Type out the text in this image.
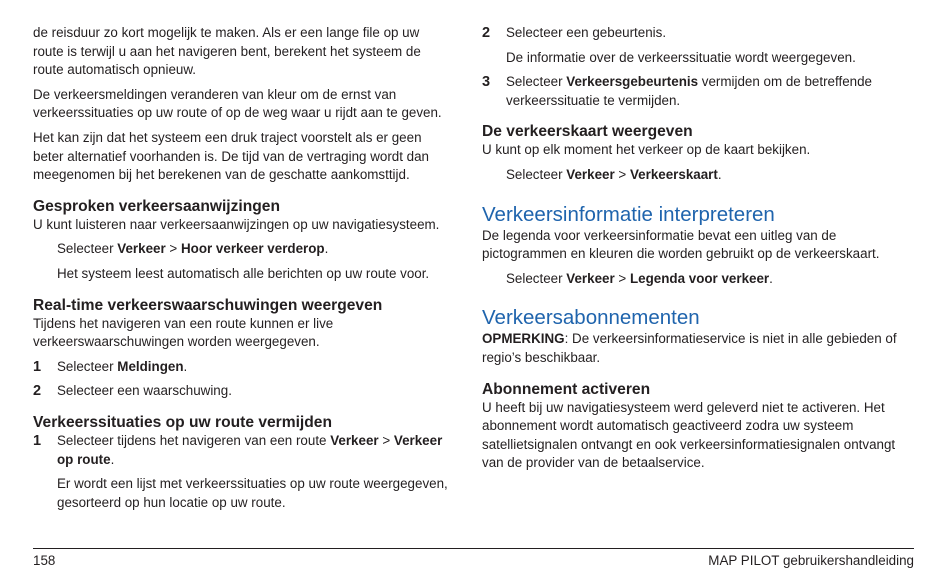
de reisduur zo kort mogelijk te maken. Als er een lange file op uw route is terwijl u aan het navigeren bent, berekent het systeem de route automatisch opnieuw.

De verkeersmeldingen veranderen van kleur om de ernst van verkeerssituaties op uw route of op de weg waar u rijdt aan te geven.

Het kan zijn dat het systeem een druk traject voorstelt als er geen beter alternatief voorhanden is. De tijd van de vertraging wordt dan meegenomen bij het berekenen van de geschatte aankomsttijd.

Gesproken verkeersaanwijzingen

U kunt luisteren naar verkeersaanwijzingen op uw navigatiesysteem.

Selecteer Verkeer > Hoor verkeer verderop.

Het systeem leest automatisch alle berichten op uw route voor.

Real-time verkeerswaarschuwingen weergeven

Tijdens het navigeren van een route kunnen er live verkeerswaarschuwingen worden weergegeven.

1 Selecteer Meldingen.

2 Selecteer een waarschuwing.

Verkeerssituaties op uw route vermijden

1 Selecteer tijdens het navigeren van een route Verkeer > Verkeer op route.

Er wordt een lijst met verkeerssituaties op uw route weergegeven, gesorteerd op hun locatie op uw route.

2 Selecteer een gebeurtenis.

De informatie over de verkeerssituatie wordt weergegeven.

3 Selecteer Verkeersgebeurtenis vermijden om de betreffende verkeerssituatie te vermijden.

De verkeerskaart weergeven

U kunt op elk moment het verkeer op de kaart bekijken.

Selecteer Verkeer > Verkeerskaart.

Verkeersinformatie interpreteren

De legenda voor verkeersinformatie bevat een uitleg van de pictogrammen en kleuren die worden gebruikt op de verkeerskaart.

Selecteer Verkeer > Legenda voor verkeer.

Verkeersabonnementen

OPMERKING: De verkeersinformatieservice is niet in alle gebieden of regio’s beschikbaar.

Abonnement activeren

U heeft bij uw navigatiesysteem werd geleverd niet te activeren. Het abonnement wordt automatisch geactiveerd zodra uw systeem satellietsignalen ontvangt en ook verkeersinformatiesignalen ontvangt van de provider van de betaalservice.

158	MAP PILOT gebruikershandleiding
